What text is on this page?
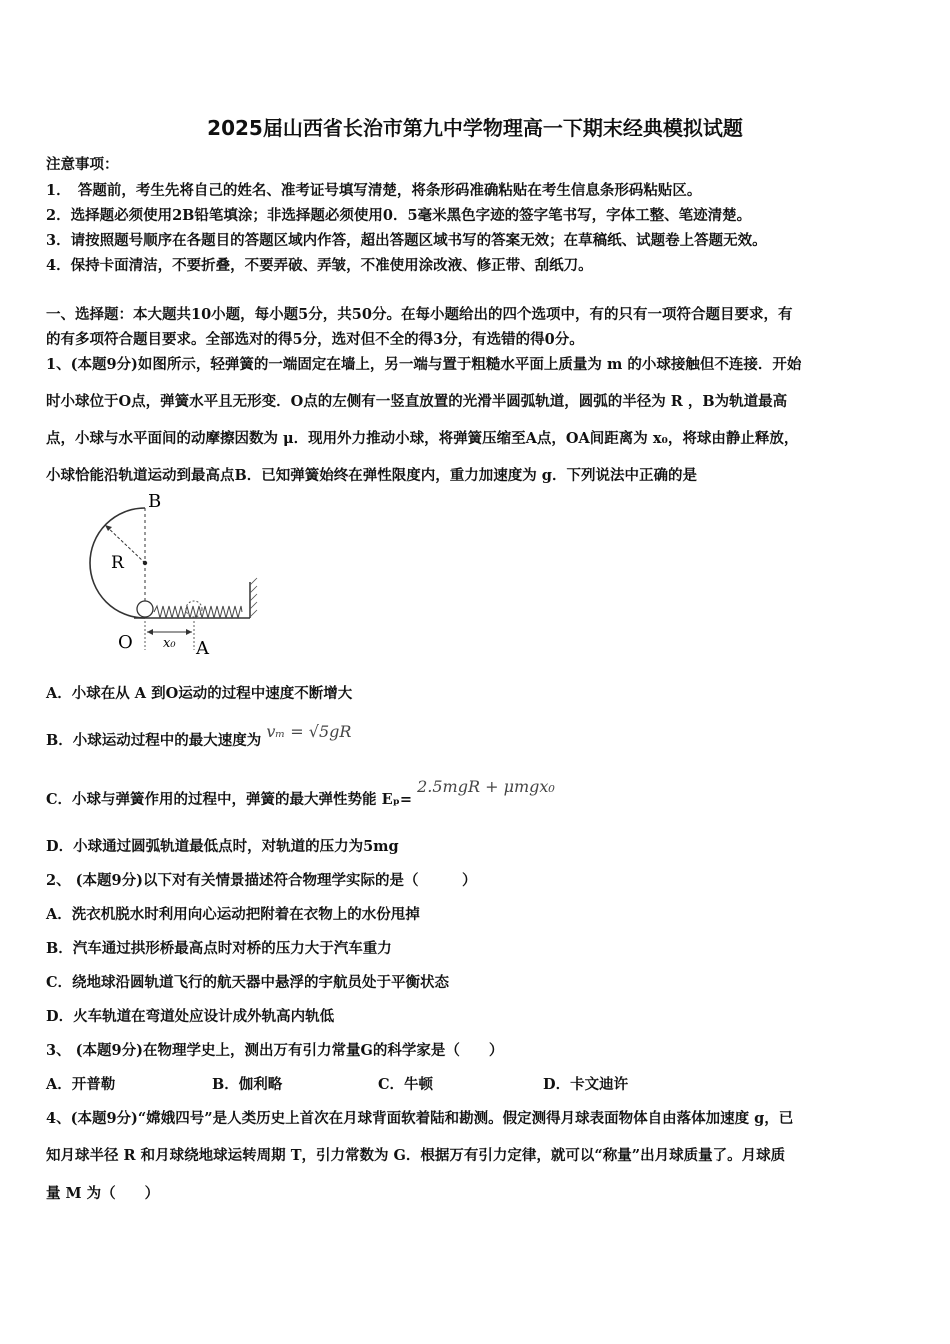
2025届山西省长治市第九中学物理高一下期末经典模拟试题
注意事项：
1．　答题前，考生先将自己的姓名、准考证号填写清楚，将条形码准确粘贴在考生信息条形码粘贴区。
2．选择题必须使用2B铅笔填涂；非选择题必须使用0．5毫米黑色字迹的签字笔书写，字体工整、笔迹清楚。
3．请按照题号顺序在各题目的答题区域内作答，超出答题区域书写的答案无效；在草稿纸、试题卷上答题无效。
4．保持卡面清洁，不要折叠，不要弄破、弄皱，不准使用涂改液、修正带、刮纸刀。
一、选择题：本大题共10小题，每小题5分，共50分。在每小题给出的四个选项中，有的只有一项符合题目要求，有
的有多项符合题目要求。全部选对的得5分，选对但不全的得3分，有选错的得0分。
1、(本题9分)如图所示，轻弹簧的一端固定在墙上，另一端与置于粗糙水平面上质量为 m 的小球接触但不连接．开始
时小球位于O点，弹簧水平且无形变．O点的左侧有一竖直放置的光滑半圆弧轨道，圆弧的半径为 R ，B为轨道最高
点，小球与水平面间的动摩擦因数为 μ．现用外力推动小球，将弹簧压缩至A点，OA间距离为 x₀，将球由静止释放，
小球恰能沿轨道运动到最高点B．已知弹簧始终在弹性限度内，重力加速度为 g．下列说法中正确的是
B
R
O x₀ A
A．小球在从 A 到O运动的过程中速度不断增大
B．小球运动过程中的最大速度为 vₘ = √5gR
C．小球与弹簧作用的过程中，弹簧的最大弹性势能 Eₚ= 2.5mgR + μmgx₀
D．小球通过圆弧轨道最低点时，对轨道的压力为5mg
2、 (本题9分)以下对有关情景描述符合物理学实际的是（　　　）
A．洗衣机脱水时利用向心运动把附着在衣物上的水份甩掉
B．汽车通过拱形桥最高点时对桥的压力大于汽车重力
C．绕地球沿圆轨道飞行的航天器中悬浮的宇航员处于平衡状态
D．火车轨道在弯道处应设计成外轨高内轨低
3、 (本题9分)在物理学史上，测出万有引力常量G的科学家是（　　）
A．开普勒	B．伽利略	C．牛顿	D．卡文迪许
4、(本题9分)“嫦娥四号”是人类历史上首次在月球背面软着陆和勘测。假定测得月球表面物体自由落体加速度 g，已
知月球半径 R 和月球绕地球运转周期 T，引力常数为 G．根据万有引力定律，就可以“称量”出月球质量了。月球质
量 M 为（　　）
